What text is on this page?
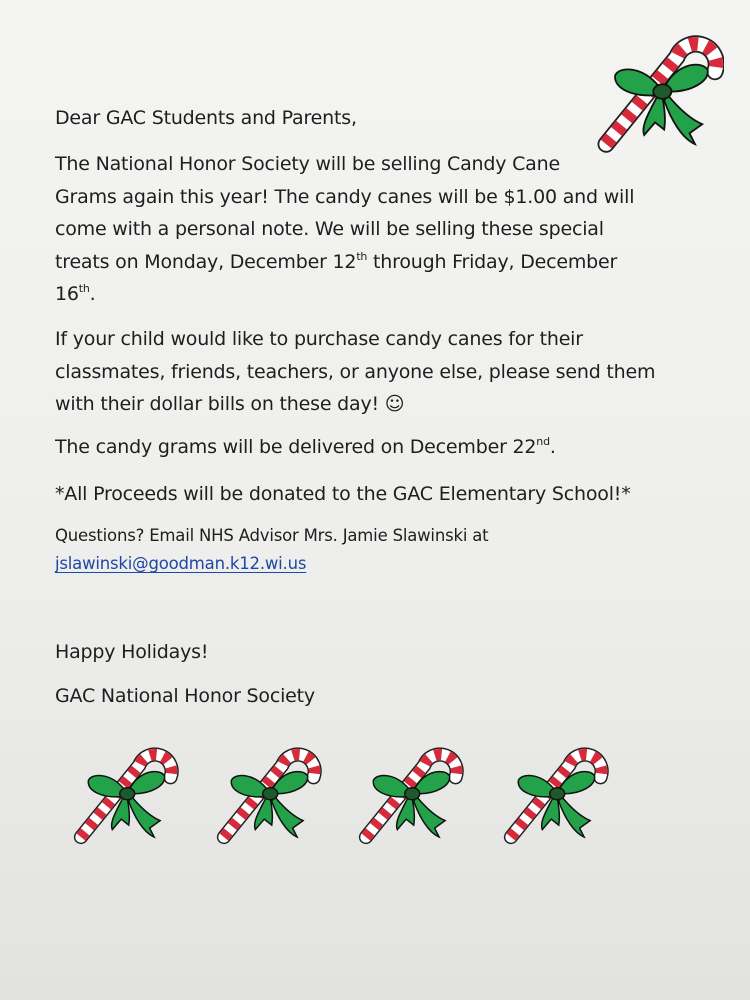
Dear GAC Students and Parents,

The National Honor Society will be selling Candy Cane
Grams again this year! The candy canes will be $1.00 and will
come with a personal note. We will be selling these special
treats on Monday, December 12th through Friday, December
16th.

If your child would like to purchase candy canes for their
classmates, friends, teachers, or anyone else, please send them
with their dollar bills on these day! ☺

The candy grams will be delivered on December 22nd.

*All Proceeds will be donated to the GAC Elementary School!*

Questions? Email NHS Advisor Mrs. Jamie Slawinski at

jslawinski@goodman.k12.wi.us

Happy Holidays!

GAC National Honor Society
